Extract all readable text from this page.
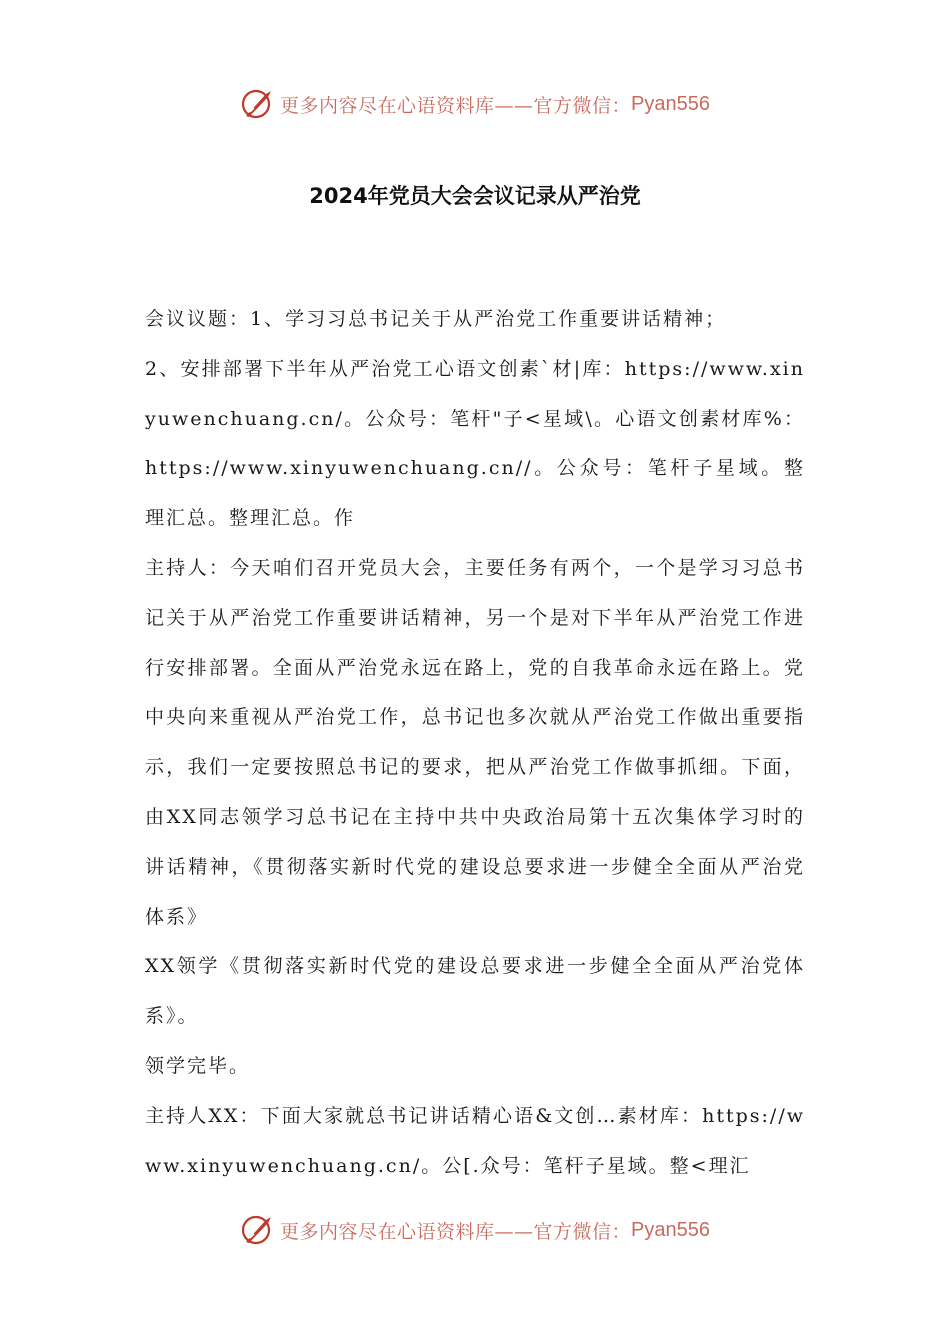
更多内容尽在心语资料库——官方微信： Pyan556
2024年党员大会会议记录从严治党

会议议题：1、学习习总书记关于从严治党工作重要讲话精神；

2、安排部署下半年从严治党工心语文创素`材|库：https://www.xinyuwenchuang.cn/。公众号：笔杆"子<星域\。心语文创素材库%：https://www.xinyuwenchuang.cn//。公众号：笔杆子星域。整理汇总。整理汇总。作

主持人：今天咱们召开党员大会，主要任务有两个，一个是学习习总书记关于从严治党工作重要讲话精神，另一个是对下半年从严治党工作进行安排部署。全面从严治党永远在路上，党的自我革命永远在路上。党中央向来重视从严治党工作，总书记也多次就从严治党工作做出重要指示，我们一定要按照总书记的要求，把从严治党工作做事抓细。下面，由XX同志领学习总书记在主持中共中央政治局第十五次集体学习时的讲话精神，《贯彻落实新时代党的建设总要求进一步健全全面从严治党体系》

XX领学《贯彻落实新时代党的建设总要求进一步健全全面从严治党体系》。

领学完毕。

主持人XX：下面大家就总书记讲话精心语&文创…素材库：https://www.xinyuwenchuang.cn/。公[.众号：笔杆子星域。整<理汇

更多内容尽在心语资料库——官方微信： Pyan556
